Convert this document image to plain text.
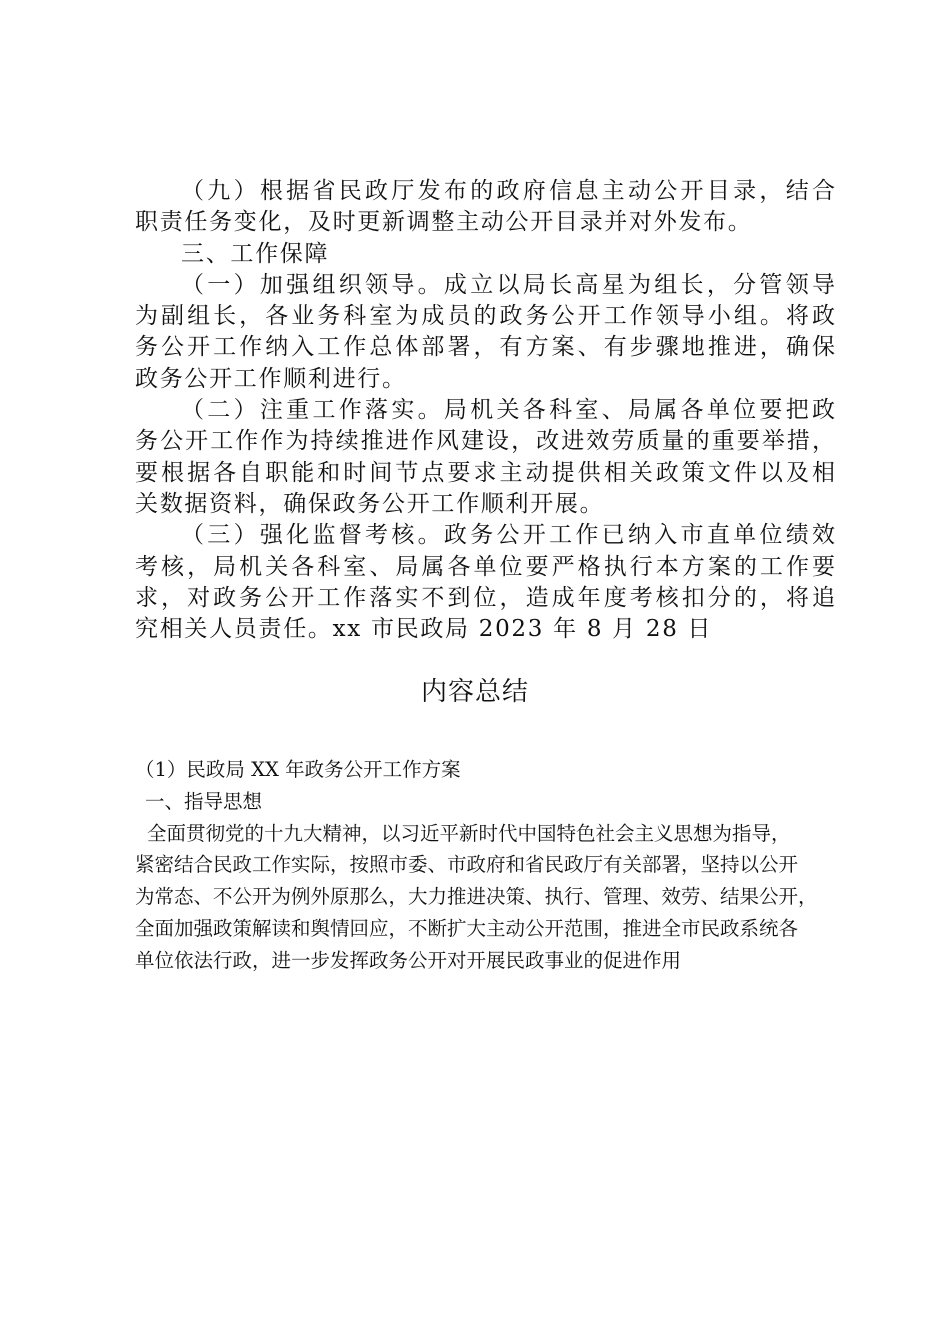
（九）根据省民政厅发布的政府信息主动公开目录，结合
职责任务变化，及时更新调整主动公开目录并对外发布。
三、工作保障
（一）加强组织领导。成立以局长高星为组长，分管领导
为副组长，各业务科室为成员的政务公开工作领导小组。将政
务公开工作纳入工作总体部署，有方案、有步骤地推进，确保
政务公开工作顺利进行。
（二）注重工作落实。局机关各科室、局属各单位要把政
务公开工作作为持续推进作风建设，改进效劳质量的重要举措，
要根据各自职能和时间节点要求主动提供相关政策文件以及相
关数据资料，确保政务公开工作顺利开展。
（三）强化监督考核。政务公开工作已纳入市直单位绩效
考核，局机关各科室、局属各单位要严格执行本方案的工作要
求，对政务公开工作落实不到位，造成年度考核扣分的，将追
究相关人员责任。xx 市民政局 2023 年 8 月 28 日
内容总结
（1）民政局 XX 年政务公开工作方案
一、指导思想
全面贯彻党的十九大精神，以习近平新时代中国特色社会主义思想为指导，
紧密结合民政工作实际，按照市委、市政府和省民政厅有关部署，坚持以公开
为常态、不公开为例外原那么，大力推进决策、执行、管理、效劳、结果公开，
全面加强政策解读和舆情回应，不断扩大主动公开范围，推进全市民政系统各
单位依法行政，进一步发挥政务公开对开展民政事业的促进作用
